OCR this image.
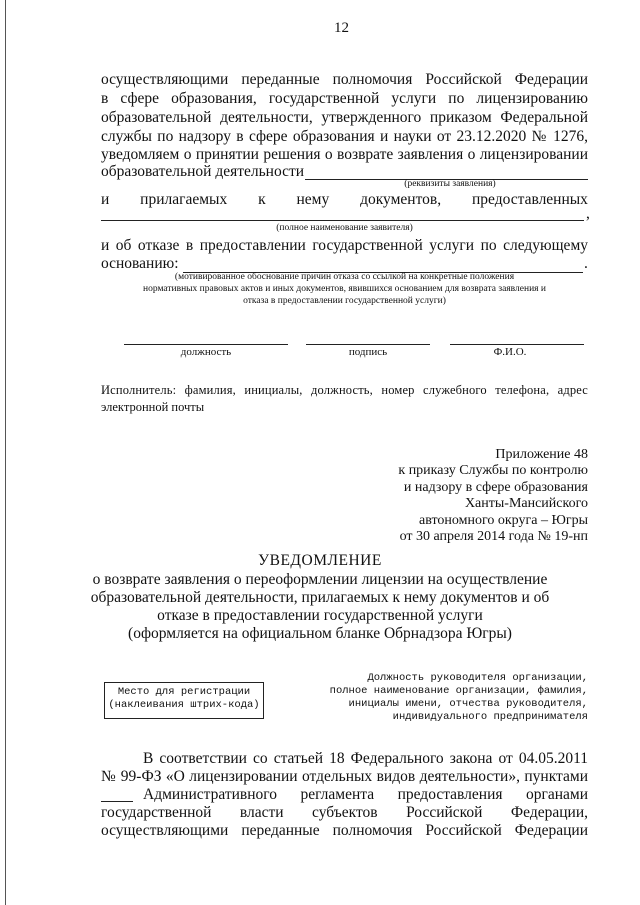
12
осуществляющими переданные полномочия Российской Федерации
в сфере образования, государственной услуги по лицензированию
образовательной деятельности, утвержденного приказом Федеральной
службы по надзору в сфере образования и науки от 23.12.2020 № 1276,
уведомляем о принятии решения о возврате заявления о лицензировании
образовательной деятельности
(реквизиты заявления)
и прилагаемых к нему документов, предоставленных
,
(полное наименование заявителя)
и об отказе в предоставлении государственной услуги по следующему
основанию:	.
(мотивированное обоснование причин отказа со ссылкой на конкретные положения
нормативных правовых актов и иных документов, явившихся основанием для возврата заявления и
отказа в предоставлении государственной услуги)
должность	подпись	Ф.И.О.
Исполнитель: фамилия, инициалы, должность, номер служебного телефона, адрес
электронной почты
Приложение 48
к приказу Службы по контролю
и надзору в сфере образования
Ханты-Мансийского
автономного округа – Югры
от 30 апреля 2014 года № 19-нп
УВЕДОМЛЕНИЕ
о возврате заявления о переоформлении лицензии на осуществление
образовательной деятельности, прилагаемых к нему документов и об
отказе в предоставлении государственной услуги
(оформляется на официальном бланке Обрнадзора Югры)
Место для регистрации
(наклеивания штрих-кода)
Должность руководителя организации,
полное наименование организации, фамилия,
инициалы имени, отчества руководителя,
индивидуального предпринимателя
В соответствии со статьей 18 Федерального закона от 04.05.2011
№ 99-ФЗ «О лицензировании отдельных видов деятельности», пунктами
Административного регламента предоставления органами
государственной власти субъектов Российской Федерации,
осуществляющими переданные полномочия Российской Федерации
